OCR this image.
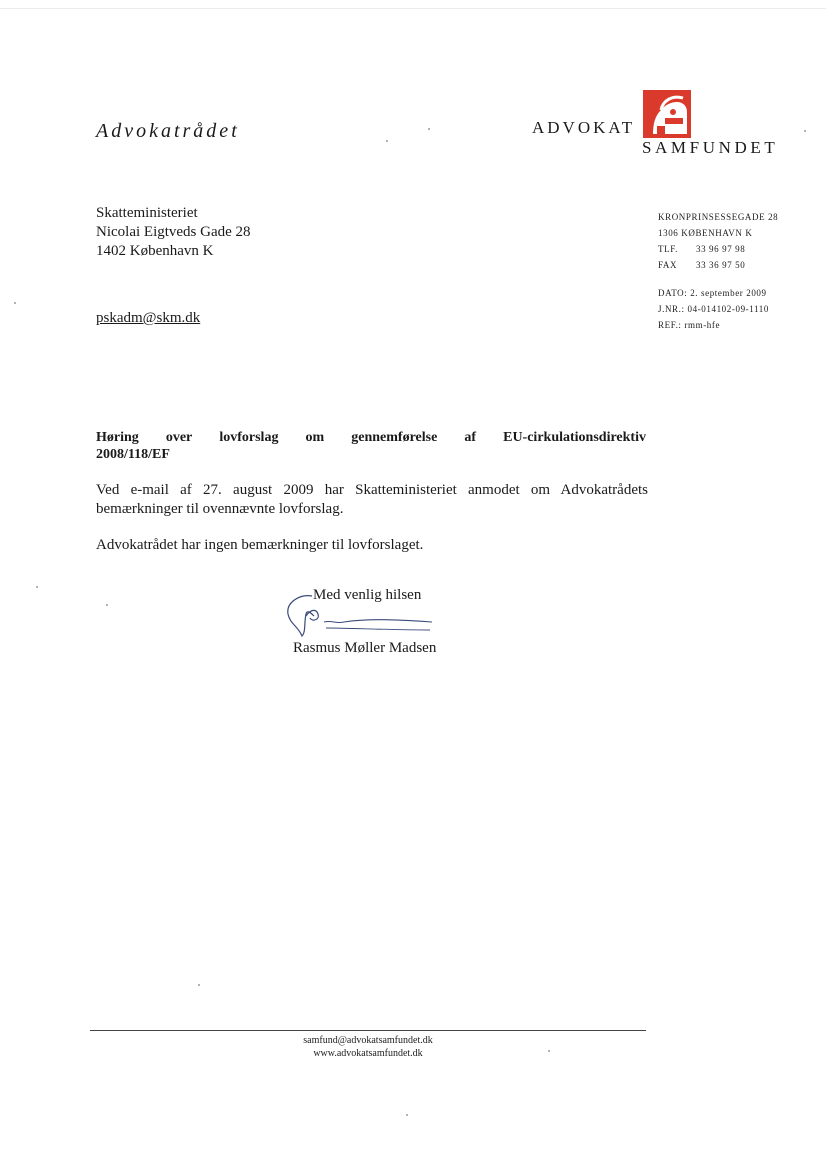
Advokatrådet	ADVOKAT
SAMFUNDET
Skatteministeriet
Nicolai Eigtveds Gade 28
1402 København K
pskadm@skm.dk
KRONPRINSESSEGADE 28
1306 KØBENHAVN K
TLF. 33 96 97 98
FAX 33 36 97 50
DATO: 2. september 2009
J.NR.: 04-014102-09-1110
REF.: rmm-hfe
Høring over lovforslag om gennemførelse af EU-cirkulationsdirektiv
2008/118/EF
Ved e-mail af 27. august 2009 har Skatteministeriet anmodet om Advokatrådets bemærkninger til ovennævnte lovforslag.
Advokatrådet har ingen bemærkninger til lovforslaget.
Med venlig hilsen
Rasmus Møller Madsen
samfund@advokatsamfundet.dk
www.advokatsamfundet.dk
